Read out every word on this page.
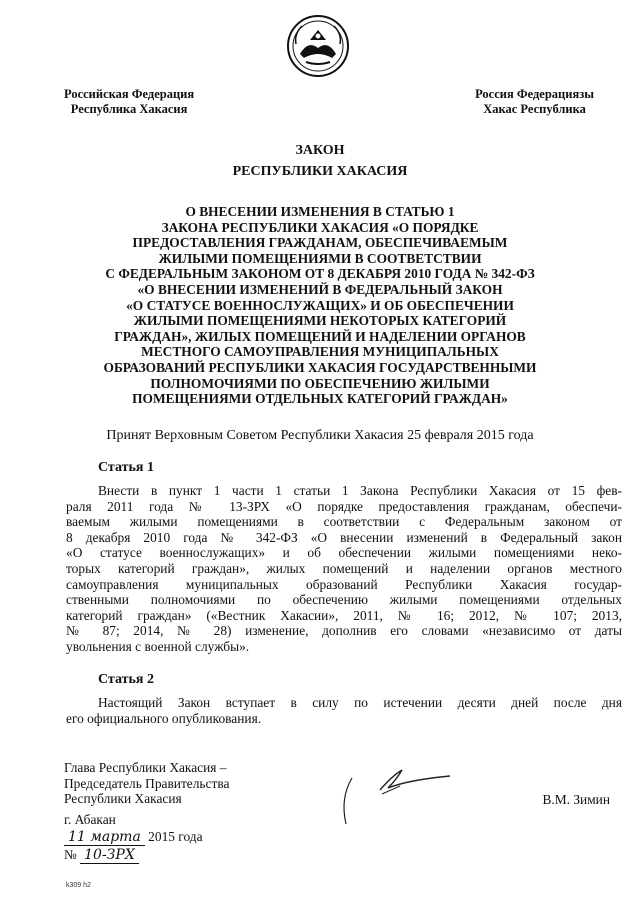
Российская Федерация
Республика Хакасия
Россия Федерациязы
Хакас Республика
ЗАКОН
РЕСПУБЛИКИ ХАКАСИЯ
О ВНЕСЕНИИ ИЗМЕНЕНИЯ В СТАТЬЮ 1
ЗАКОНА РЕСПУБЛИКИ ХАКАСИЯ «О ПОРЯДКЕ
ПРЕДОСТАВЛЕНИЯ ГРАЖДАНАМ, ОБЕСПЕЧИВАЕМЫМ
ЖИЛЫМИ ПОМЕЩЕНИЯМИ В СООТВЕТСТВИИ
С ФЕДЕРАЛЬНЫМ ЗАКОНОМ ОТ 8 ДЕКАБРЯ 2010 ГОДА № 342-ФЗ
«О ВНЕСЕНИИ ИЗМЕНЕНИЙ В ФЕДЕРАЛЬНЫЙ ЗАКОН
«О СТАТУСЕ ВОЕННОСЛУЖАЩИХ» И ОБ ОБЕСПЕЧЕНИИ
ЖИЛЫМИ ПОМЕЩЕНИЯМИ НЕКОТОРЫХ КАТЕГОРИЙ
ГРАЖДАН», ЖИЛЫХ ПОМЕЩЕНИЙ И НАДЕЛЕНИИ ОРГАНОВ
МЕСТНОГО САМОУПРАВЛЕНИЯ МУНИЦИПАЛЬНЫХ
ОБРАЗОВАНИЙ РЕСПУБЛИКИ ХАКАСИЯ ГОСУДАРСТВЕННЫМИ
ПОЛНОМОЧИЯМИ ПО ОБЕСПЕЧЕНИЮ ЖИЛЫМИ
ПОМЕЩЕНИЯМИ ОТДЕЛЬНЫХ КАТЕГОРИЙ ГРАЖДАН»
Принят Верховным Советом Республики Хакасия 25 февраля 2015 года
Статья 1
Внести в пункт 1 части 1 статьи 1 Закона Республики Хакасия от 15 фев-
раля 2011 года № 13-ЗРХ «О порядке предоставления гражданам, обеспечи-
ваемым жилыми помещениями в соответствии с Федеральным законом от
8 декабря 2010 года № 342-ФЗ «О внесении изменений в Федеральный закон
«О статусе военнослужащих» и об обеспечении жилыми помещениями неко-
торых категорий граждан», жилых помещений и наделении органов местного
самоуправления муниципальных образований Республики Хакасия государ-
ственными полномочиями по обеспечению жилыми помещениями отдельных
категорий граждан» («Вестник Хакасии», 2011, № 16; 2012, № 107; 2013,
№ 87; 2014, № 28) изменение, дополнив его словами «независимо от даты
увольнения с военной службы».
Статья 2
Настоящий Закон вступает в силу по истечении десяти дней после дня
его официального опубликования.
Глава Республики Хакасия –
Председатель Правительства
Республики Хакасия	В.М. Зимин
г. Абакан
11 марта 2015 года
№ 10-ЗРХ
k309 h2
